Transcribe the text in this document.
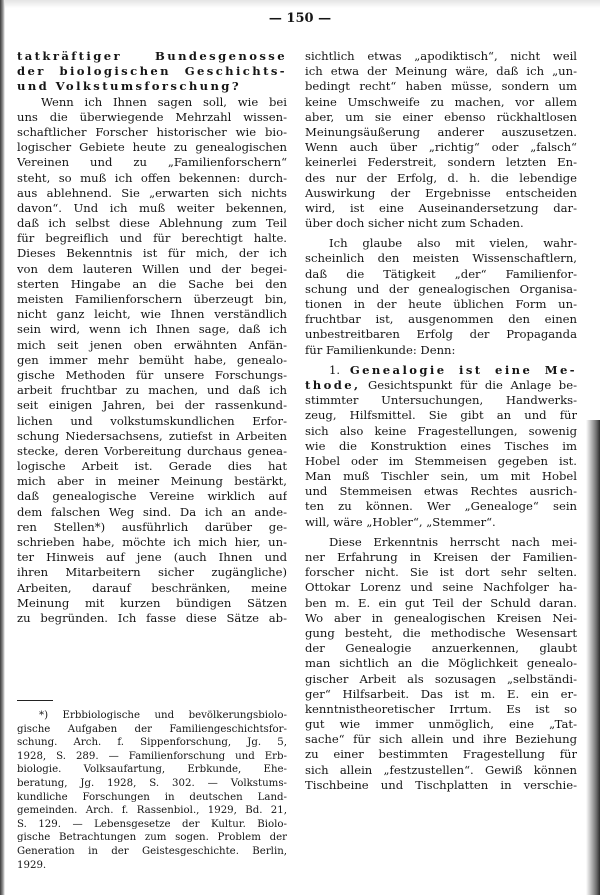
— 150 —
tatkräftiger Bundesgenosse
der biologischen Geschichts-
und Volkstumsforschung?
Wenn ich Ihnen sagen soll, wie bei
uns die überwiegende Mehrzahl wissen-
schaftlicher Forscher historischer wie bio-
logischer Gebiete heute zu genealogischen
Vereinen und zu „Familienforschern“
steht, so muß ich offen bekennen: durch-
aus ablehnend. Sie „erwarten sich nichts
davon“. Und ich muß weiter bekennen,
daß ich selbst diese Ablehnung zum Teil
für begreiflich und für berechtigt halte.
Dieses Bekenntnis ist für mich, der ich
von dem lauteren Willen und der begei-
sterten Hingabe an die Sache bei den
meisten Familienforschern überzeugt bin,
nicht ganz leicht, wie Ihnen verständlich
sein wird, wenn ich Ihnen sage, daß ich
mich seit jenen oben erwähnten Anfän-
gen immer mehr bemüht habe, genealo-
gische Methoden für unsere Forschungs-
arbeit fruchtbar zu machen, und daß ich
seit einigen Jahren, bei der rassenkund-
lichen und volkstumskundlichen Erfor-
schung Niedersachsens, zutiefst in Arbeiten
stecke, deren Vorbereitung durchaus genea-
logische Arbeit ist. Gerade dies hat
mich aber in meiner Meinung bestärkt,
daß genealogische Vereine wirklich auf
dem falschen Weg sind. Da ich an ande-
ren Stellen*) ausführlich darüber ge-
schrieben habe, möchte ich mich hier, un-
ter Hinweis auf jene (auch Ihnen und
ihren Mitarbeitern sicher zugängliche)
Arbeiten, darauf beschränken, meine
Meinung mit kurzen bündigen Sätzen
zu begründen. Ich fasse diese Sätze ab-
*) Erbbiologische und bevölkerungsbiolo-
gische Aufgaben der Familiengeschichtsfor-
schung. Arch. f. Sippenforschung, Jg. 5,
1928, S. 289. — Familienforschung und Erb-
biologie. Volksaufartung, Erbkunde, Ehe-
beratung, Jg. 1928, S. 302. — Volkstums-
kundliche Forschungen in deutschen Land-
gemeinden. Arch. f. Rassenbiol., 1929, Bd. 21,
S. 129. — Lebensgesetze der Kultur. Biolo-
gische Betrachtungen zum sogen. Problem der
Generation in der Geistesgeschichte. Berlin,
1929.
sichtlich etwas „apodiktisch“, nicht weil
ich etwa der Meinung wäre, daß ich „un-
bedingt recht“ haben müsse, sondern um
keine Umschweife zu machen, vor allem
aber, um sie einer ebenso rückhaltlosen
Meinungsäußerung anderer auszusetzen.
Wenn auch über „richtig“ oder „falsch“
keinerlei Federstreit, sondern letzten En-
des nur der Erfolg, d. h. die lebendige
Auswirkung der Ergebnisse entscheiden
wird, ist eine Auseinandersetzung dar-
über doch sicher nicht zum Schaden.
Ich glaube also mit vielen, wahr-
scheinlich den meisten Wissenschaftlern,
daß die Tätigkeit „der“ Familienfor-
schung und der genealogischen Organisa-
tionen in der heute üblichen Form un-
fruchtbar ist, ausgenommen den einen
unbestreitbaren Erfolg der Propaganda
für Familienkunde: Denn:
1. Genealogie ist eine Me-
thode, Gesichtspunkt für die Anlage be-
stimmter Untersuchungen, Handwerks-
zeug, Hilfsmittel. Sie gibt an und für
sich also keine Fragestellungen, sowenig
wie die Konstruktion eines Tisches im
Hobel oder im Stemmeisen gegeben ist.
Man muß Tischler sein, um mit Hobel
und Stemmeisen etwas Rechtes ausrich-
ten zu können. Wer „Genealoge“ sein
will, wäre „Hobler“, „Stemmer“.
Diese Erkenntnis herrscht nach mei-
ner Erfahrung in Kreisen der Familien-
forscher nicht. Sie ist dort sehr selten.
Ottokar Lorenz und seine Nachfolger ha-
ben m. E. ein gut Teil der Schuld daran.
Wo aber in genealogischen Kreisen Nei-
gung besteht, die methodische Wesensart
der Genealogie anzuerkennen, glaubt
man sichtlich an die Möglichkeit genealo-
gischer Arbeit als sozusagen „selbständi-
ger“ Hilfsarbeit. Das ist m. E. ein er-
kenntnistheoretischer Irrtum. Es ist so
gut wie immer unmöglich, eine „Tat-
sache“ für sich allein und ihre Beziehung
zu einer bestimmten Fragestellung für
sich allein „festzustellen“. Gewiß können
Tischbeine und Tischplatten in verschie-
